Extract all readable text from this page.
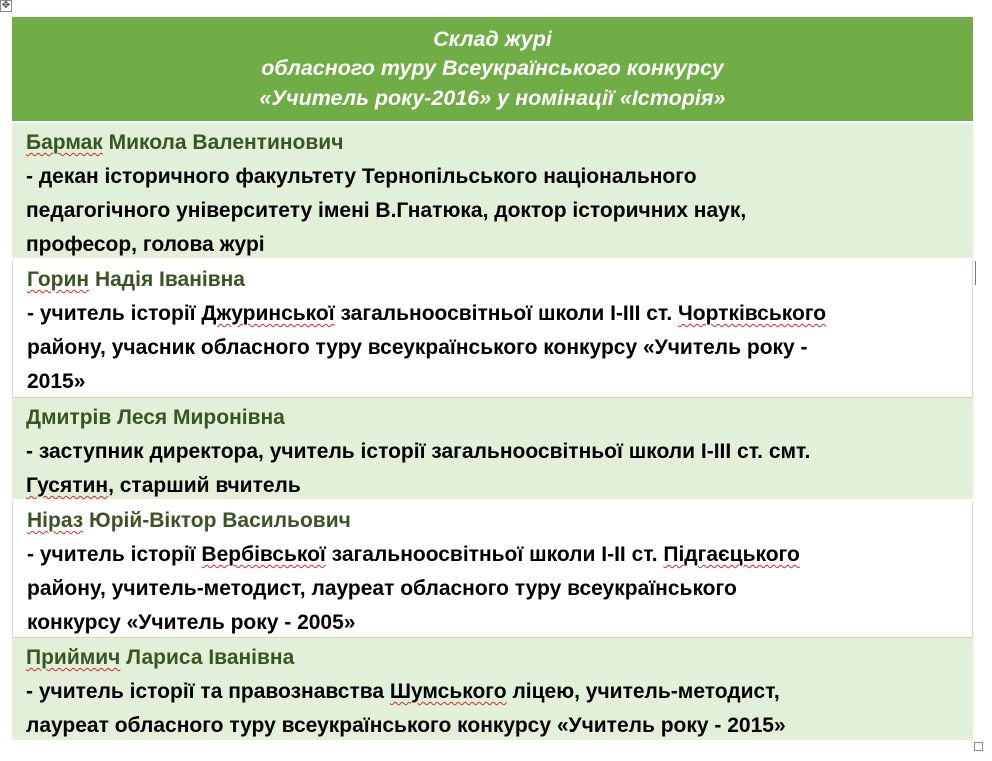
✥
Склад журі
обласного туру Всеукраїнського конкурсу
«Учитель року-2016» у номінації «Історія»
Бармак Микола Валентинович
- декан історичного факультету Тернопільського національного
педагогічного університету імені В.Гнатюка, доктор історичних наук,
професор, голова журі
Горин Надія Іванівна
- учитель історії Джуринської загальноосвітньої школи І-ІІІ ст. Чортківського
району, учасник обласного туру всеукраїнського конкурсу «Учитель року -
2015»
Дмитрів Леся Миронівна
- заступник директора, учитель історії загальноосвітньої школи І-ІІІ ст. смт.
Гусятин, старший вчитель
Ніраз Юрій-Віктор Васильович
- учитель історії Вербівської загальноосвітньої школи І-ІІ ст. Підгаєцького
району, учитель-методист, лауреат обласного туру всеукраїнського
конкурсу «Учитель року - 2005»
Приймич Лариса Іванівна
- учитель історії та правознавства Шумського ліцею, учитель-методист,
лауреат обласного туру всеукраїнського конкурсу «Учитель року - 2015»
